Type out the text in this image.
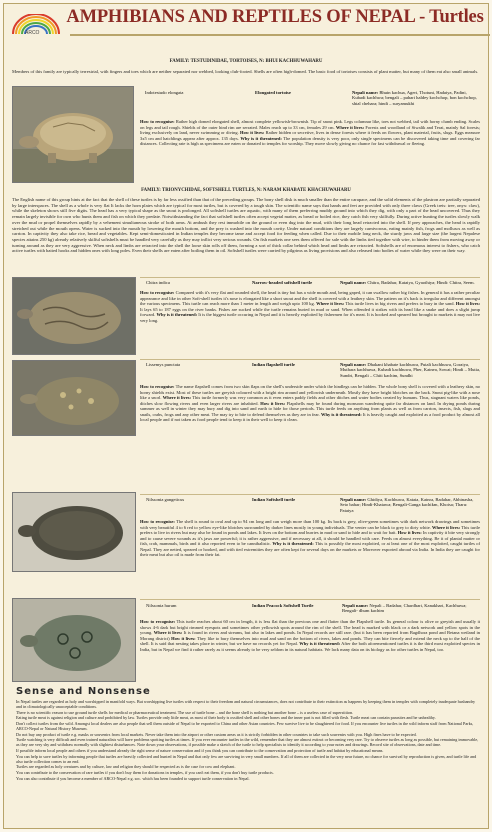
ARCO
AMPHIBIANS AND REPTILES OF NEPAL - Turtles
FAMILY: TESTUDINIDAE, TORTOISES, N: BHUI KACHHUWAHARU
Members of this family are typically terrestrial, with fingers and toes which are neither separated nor webbed, looking club-footed. Shells are often high-domed. The basic food of tortoises consists of plant matter, but many of them eat also small animals.
Indotestudo elongata	Elongated tortoise	Nepali name: Bhuin kachua, Ageri, Thotuni, Hadaiya, Padini, Kubadi kachhwa; bengali – pahari haldey kochchop, bon kochchop, shial chehara; hindi – suryamukhi
How to recognise: Rather high domed elongated shell, almost complete yellowish-brownish. Tip of snout pink. Legs columnar like, toes not webbed, tail with horny clumb ending. Scales on legs and tail rough. Shields of the outer hind rim are serrated. Males reach up to 33 cm, females 29 cm. Where it lives: Forests and woodland of Siwalik and Terai, mainly Sal forests; living exclusively on land, never swimming or diving. How it lives: Rather hidden or secretive, lives in dense forests where it feeds on flowers, plant material, fruits, slugs. Eggs measure 3x5 cm and hatchlings appear after approx. 135 days. Why is it threatened: The population density is very poor, only single specimens can be discovered taking time and covering far distances. Collecting rate is high as specimens are eaten or donated to temples for worship. They move slowly giving no chance for fast withdrawal or fleeing.
FAMILY: TRIONYCHIDAE, SOFTSHELL TURTLES, N: NARAM KHABATE KHACHUWAHARU
The English name of this group hints at the fact that the shell of these turtles is by far less ossified than that of the preceding groups. The bony shell disk is much smaller than the entire carapace, and the solid elements of the plastron are partially separated by large interspaces. The shell as a whole is very flat It lacks the horn plates which are typical for most turtles, but is covered by a tough skin. The scientific name says that hands and feet are provided with only three claws (Greek treis: tree, onyx: claw), while the skeleton shows still five digits. The head has a very typical shape as the snout is prolonged. All softshell turtles are aquatic, with many of them preferring muddy ground into which they dig, with only a part of the head uncovered. Thus they remain largely invisible for own who hunts them and fish on which they predate. Notwithstanding the fact that softshell turtles often accept vegetal matter, as bread or boiled rice, they catch fish very skilfully. During active hunting the turtles slowly walk over the mud or propel themselves rapidly by a vehement simultaneous stroke of both arms. At ambush they rest immobile on the ground or even dug into the mud, with their long head retracted into the shell. If prey approaches, the head is rapidly stretched out while the mouth opens. Water is sucked into the mouth by lowering the mouth bottom, and the prey is washed into the mouth cavity. Under natural conditions they are largely carnivorous, eating mainly fish, frogs and molluscs as well as carrion. In captivity they also take rice, bread and vegetables. Kept semi-domesticated in Indian temples they become tame and accept food for feeding when called. Due to their mobile long neck, the sturdy jaws and large size (the largest Nepalese species attains 250 kg) already relatively skilful softshells must be handled very carefully as they may inflict very serious wounds. On fish markets one sees them offered for sale with the limbs tied together with wire, to hinder them from moving away or turning around as they are very aggressive. When neck and limbs are retracted into the shell the loose skin rolls off them, forming a sort of thick collar behind which head and limbs are retracted. Softshells are of enormous interest to fishers, who catch active turtles with baited hooks and hidden ones with long poles. Even their shells are eaten after boiling them in oil. Softshell turtles were carried by pilgrims as living provisions and also released into bodies of water while they were on their way.
Chitra indica	Narrow-headed softshell turtle	Nepali name: Chitra, Badahar, Kataiya, Gyaothiya; Hindi: Chitra, Seem.
How to recognise: Compared with it's very flat and rounded shell, the head is tiny but has a wide mouth and, being gaped, it can swallow rather big fishes. In general it has a rather peculiar appearance and like in other Soft-shell turtles it's nose is elongated like a short snout and the shell is covered with a leathery skin. The pattern on it's back is irregular and different amongst the various specimens. This turtle can reach more than 1 meter in length and weigh upto 100 kg. Where it lives: This turtle lives in big rivers and prefers to bury in the sand. How it lives: It lays 65 to 187 eggs on the river banks. Fishes are sucked while the turtle remains buried in mud or sand. When offended it strikes with its head like a snake and does a slight jump forward. Why is it threatened: It is the biggest turtle occuring in Nepal and it is heavily exploited by fishermen for it's meat. It is hooked and speared but brought to markets it may not live very long.
Lissemys punctata	Indian flapshell turtle	Nepali name: Dhakani khabate kachhuwa, Putali kachhuwa, Goraiya, Muthara kachhuwa, Kubadi kachhuwa, Pher, Kainea, Sowai; Hindi – Mutia, Sundri, Bengali – Chiti kachim, Sundhi
How to recognise: The name flapshell comes from two skin flaps on the shell's underside under which the hindlegs can be hidden. The whole bony shell is covered with a leathery skin, no horny shields exist. Most of these turtles are greyish coloured with a bright rim around and yellowish underneath. Mostly they have bright blotches on the back. Snout pig-like with a nose like a snorl. Where it lives: This turtle formerly was very common as it even enters paddy fields and other ditches and water bodies created by humans. Thus, stagnant waters like ponds, ditches slow flowing rivers and even larger rivers are inhabited. How it lives: Flapshells may be found during monsoon wandering quite far distances on land. In drying ponds during summer as well in winter they may bury and dig into sand and earth to hide for those periods. This turtle feeds on anything from plants as well as from carrion, insects, fish, slugs and snails, crabs, frogs and any other meat. The may try to bite to defend themselves as they are in fear. Why is it threatened: It is heavily caught and exploited as a food product by almost all local people and if not taken as food people tend to keep it in their well to keep it clean.
Nilssonia gangeticus	Indian Softshell turtle	Nepali name: Ghidiya, Kachhuwa, Kataia, Kainra, Badahar, Abhinasha, Seto bahar; Hindi-Khatawa; Bengali-Ganga kachikm, Khoisa; Tharu: Pataiya
How to recognise: The shell is round to oval and up to 94 cm long and can weigh more than 100 kg. Its back is grey, olive-green sometimes with dark network drawings and sometimes with very beautiful 4 to 6 red to yellow eye-like blotches surrounded by darker lines mostly in young individuals. The venter can be black to grey to dirty white. Where it lives: This turtle prefers to live in rivers but may also be found in ponds and lakes. It lives on the bottom and burries in mud or sand to hide and to wait for bait. How it lives: In captivity it bite very strongly and to cause severe wounds as it's jaws are powerful; it is rather aggressive, and if necessary at all, it should be handled with care. Feeds on almost everything. Be it of plantal matter or fish, crab, mammals, birds and it also reported even to be cannibalistic. Why is it threatened: This is possibly the most exploited, or at least one of the most exploited, caught turtles of Nepal. They are netted, speared or hooked, and with tied extremities they are often kept for several days on the markets or Moreover exported abroad via India. In India they are caught for their meat but also oil is made from their fat.
Nilssonia hurum	Indian Peacock Softshell Turtle	Nepali name: Nepali – Badahar, Chardhari, Kanakhari, Kachhuwa; Bengali- dhum kachim
How to recognise: This turtle reaches about 60 cm in length, it is less flat than the previous one and flatter than the Flapshell turtle. Its general colour is olive or greyish and usually it shows 4-6 dark but bright rimmed eyespots and sometimes other yellowish spots around the rim of the shell. The head is marked with black or a dark network and yellow spots in the young. Where it lives: It is found in rivers and streams, but also in lakes and ponds. In Nepal records are still rare. (but it has been reported from Bagdhora pond and Betana wetland in Morang district) How it lives: They like to bury themselves into mud and sand on the bottom of rivers, lakes and ponds. They can bite fiercely and extend the neck up to the half of the shell. It is said that nesting takes place in winter, but we have no records yet for Nepal. Why is it threatened: After the both aforementioned turtles it is the third most exploited species in India, but in Nepal we find it rather rarely as it seems already to be very seldom in its natural habitats. We lack many data on its biology as for other turtles in Nepal, too.
Sense and Nonsense

In Nepal turtles are regarded as holy and worshipped in manifold ways. But worshipping live turtles with respect to their freedom and natural circumstances, does not contribute to their extinction as happens by keeping them in temples with completely inadequate husbandry and in climatologically unacceptable conditions.

There is no scientific reason to use ground turtle shells for medical or pharmaceutical treatment. The use of turtle bone – and the bone shell is nothing but another bone – is a useless case of superstition.

Eating turtle meat is against religion and culture and prohibited by law. Turtles provide only little meat, as most of their body is ossified shell and other bones and the inner part is not filled with flesh. Turtle meat can contain parasites and be unhealthy.

Don't collect turtles from the wild. Amongst local dealers are also people that sell them outside of Nepal to be exported to China and other Asian countries. Few survive live to be slaughtered for food. If you encounter live turtles in the wild inform staff from National Parks, ARCO-Nepal or Natural History Museum.

Do not buy any product of turtle e.g. masks or souvenirs from local markets. Never take them into the airport or other custom areas as it is strictly forbidden in other countries to take such souvenirs with you. High fines have to be expected.

Turtle watching is very difficult and even trained naturalists will have problems spotting turtles at times. If you ever encounter turtles in the wild, remember that they are almost extinct or becoming very rare. Try to observe turtles as long as possible, but remaining immovable, as they are very shy and withdraw normally with slightest disturbances. Note down your observations, if possible make a sketch of the turtle to help specialists to identify it according to your notes and drawings. Record site of observations, date and time.

If possible inform local people and others if you understand already the right sense of nature conservation and if you think you can contribute to the conservation and protection of turtle and habitat by educational means.

You can help to save turtles by informing people that turtles are heavily collected and hunted in Nepal and that only few are surviving in very small numbers. If all of them are collected in the very near future, no chance for survival by reproduction is given, and turtle life and also turtle collection comes to an end.

Turtles are regarded as holy creatures and by culture, law and religion they should be respected as is the case for cow and elephant.

You can contribute to the conservation of rare turtles if you don't buy them for donations in temples, if you can't eat them, if you don't buy turtle products.

You can also contribute if you become a member of ARCO-Nepal e.g. soc. which has been founded to support turtle conservation in Nepal.
